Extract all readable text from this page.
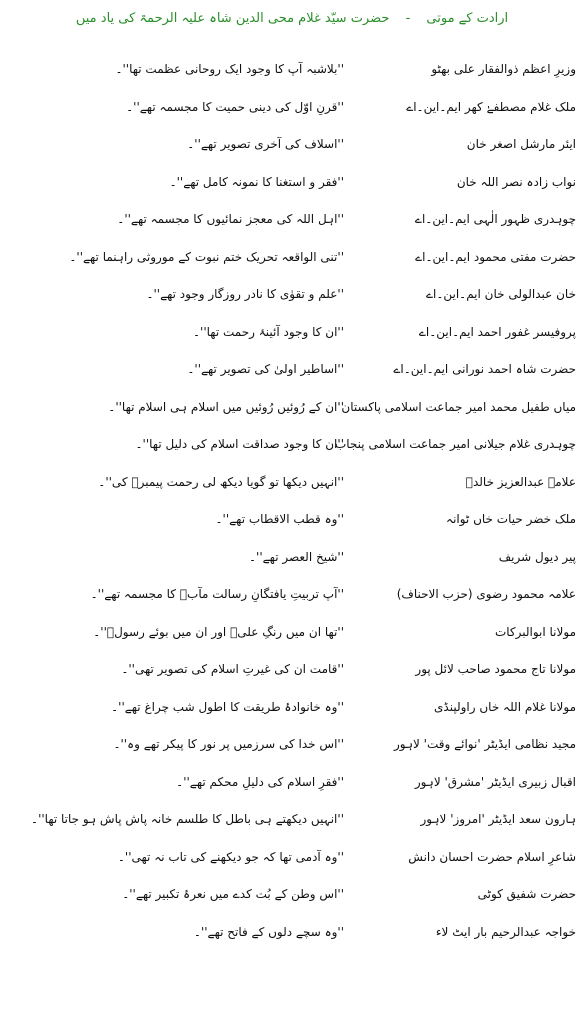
ارادت کے موتی - حضرت سیّد غلام محی الدین شاہ علیہ الرحمۃ کی یاد میں
وزیرِ اعظم ذوالفقار علی بھٹو
''بلاشبہ آپ کا وجود ایک روحانی عظمت تھا''۔
ملک غلام مصطفےٰ کھر ایم۔این۔اے
''قرنِ اوّل کی دینی حمیت کا مجسمہ تھے''۔
ایئر مارشل اصغر خان
''اسلاف کی آخری تصویر تھے''۔
نواب زادہ نصر اللہ خان
''فقر و استغنا کا نمونہ کامل تھے''۔
چوہدری ظہور الٰہی ایم۔این۔اے
''اہل اللہ کی معجز نمائیوں کا مجسمہ تھے''۔
حضرت مفتی محمود ایم۔این۔اے
''تنی الواقعہ تحریک ختم نبوت کے موروثی راہنما تھے''۔
خان عبدالولی خان ایم۔این۔اے
''علم و تقوٰی کا نادر روزگار وجود تھے''۔
پروفیسر غفور احمد ایم۔این۔اے
''ان کا وجود آئینۂ رحمت تھا''۔
حضرت شاہ احمد نورانی ایم۔این۔اے
''اساطیر اولیٰ کی تصویر تھے''۔
میاں طفیل محمد امیر جماعت اسلامی پاکستان
''ان کے رُوئیں رُوئیں میں اسلام ہی اسلام تھا''۔
چوہدری غلام جیلانی امیر جماعت اسلامی پنجاب
''ان کا وجود صداقت اسلام کی دلیل تھا''۔
علامہ عبدالعزیز خالدؔ
''انہیں دیکھا تو گویا دیکھ لی رحمت پیمبرؐ کی''۔
ملک خضر حیات خاں ٹوانہ
''وہ قطب الاقطاب تھے''۔
پیر دیول شریف
''شیخ العصر تھے''۔
علامہ محمود رضوی (حزب الاحناف)
''آپ تربیتِ یافتگانِ رسالت مآبؐ کا مجسمہ تھے''۔
مولانا ابوالبرکات
''تھا ان میں رنگِ علیؓ اور ان میں بوئے رسولؐ''۔
مولانا تاج محمود صاحب لائل پور
''قامت ان کی غیرتِ اسلام کی تصویر تھی''۔
مولانا غلام اللہ خاں راولپنڈی
''وہ خانوادۂ طریقت کا اطول شب چراغ تھے''۔
مجید نظامی ایڈیٹر 'نوائے وقت' لاہور
''اس خدا کی سرزمیں پر نور کا پیکر تھے وہ''۔
اقبال زبیری ایڈیٹر 'مشرق' لاہور
''فقرِ اسلام کی دلیلِ محکم تھے''۔
ہارون سعد ایڈیٹر 'امروز' لاہور
''انہیں دیکھتے ہی باطل کا طلسم خانہ پاش پاش ہو جاتا تھا''۔
شاعرِ اسلام حضرت احسان دانش
''وہ آدمی تھا کہ جو دیکھنے کی تاب نہ تھی''۔
حضرت شفیق کوٹی
''اس وطن کے بُت کدے میں نعرۂ تکبیر تھے''۔
خواجہ عبدالرحیم بار ایٹ لاء
''وہ سچے دلوں کے فاتح تھے''۔
